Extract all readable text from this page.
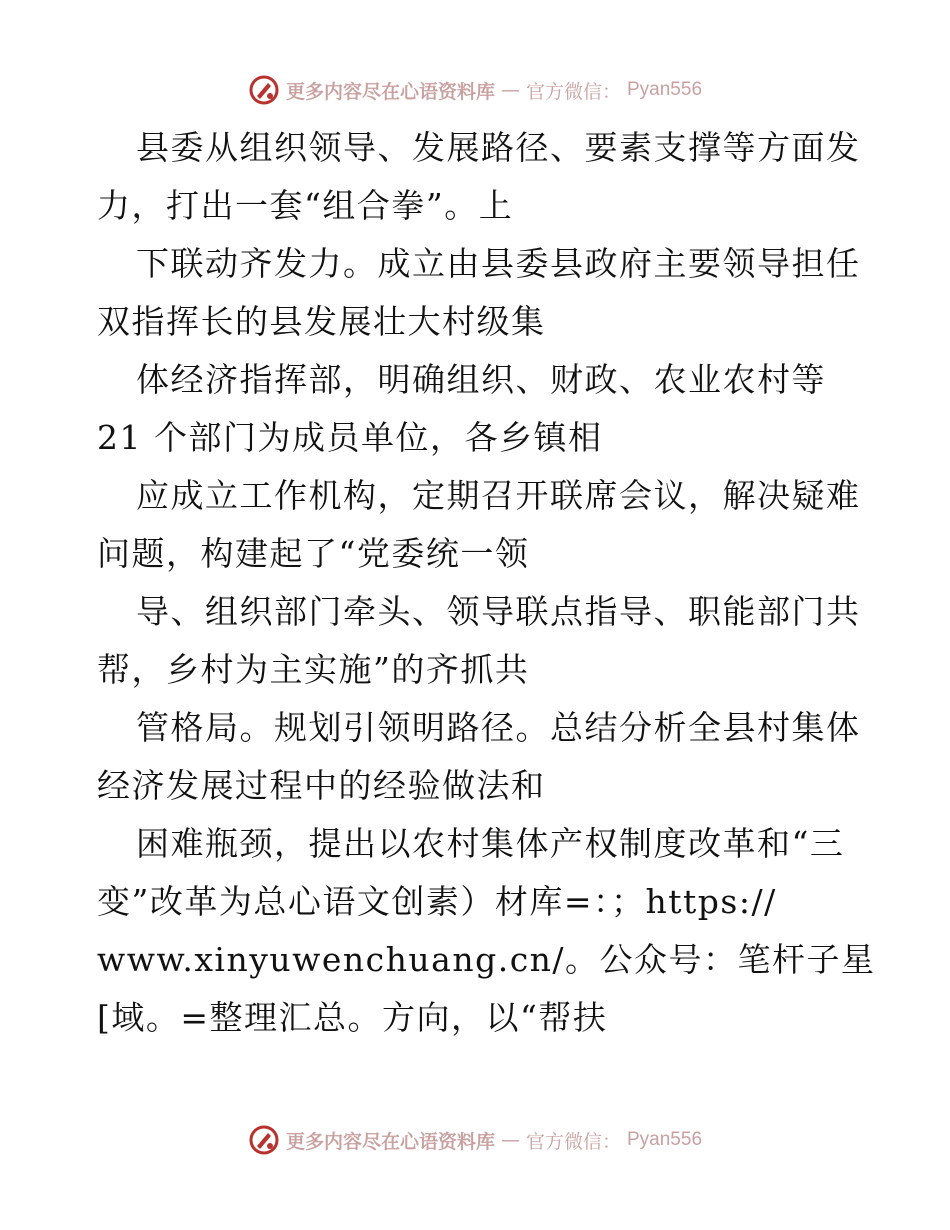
更多内容尽在心语资料库 — 官方微信： Pyan556
县委从组织领导、发展路径、要素支撑等方面发
力，打出一套“组合拳”。上
下联动齐发力。成立由县委县政府主要领导担任
双指挥长的县发展壮大村级集
体经济指挥部，明确组织、财政、农业农村等
21 个部门为成员单位，各乡镇相
应成立工作机构，定期召开联席会议，解决疑难
问题，构建起了“党委统一领
导、组织部门牵头、领导联点指导、职能部门共
帮，乡村为主实施”的齐抓共
管格局。规划引领明路径。总结分析全县村集体
经济发展过程中的经验做法和
困难瓶颈，提出以农村集体产权制度改革和“三
变”改革为总心语文创素）材库=：；https://
www.xinyuwenchuang.cn/。公众号：笔杆子星
[域。=整理汇总。方向，以“帮扶
更多内容尽在心语资料库 — 官方微信： Pyan556
